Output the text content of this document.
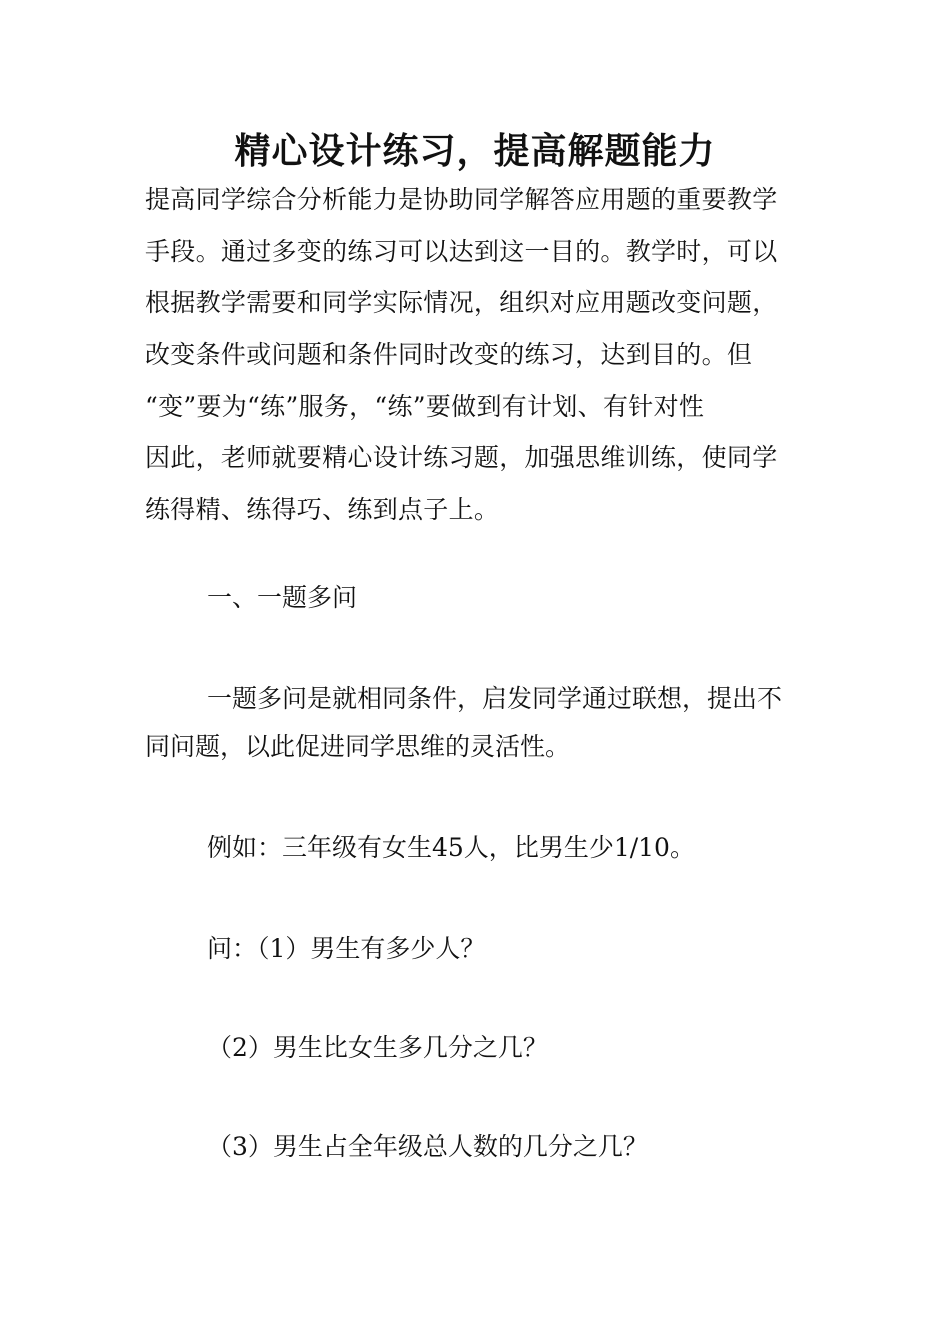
精心设计练习，提高解题能力
提高同学综合分析能力是协助同学解答应用题的重要教学
手段。通过多变的练习可以达到这一目的。教学时，可以
根据教学需要和同学实际情况，组织对应用题改变问题，
改变条件或问题和条件同时改变的练习，达到目的。但
“变”要为“练”服务，“练”要做到有计划、有针对性
因此，老师就要精心设计练习题，加强思维训练，使同学
练得精、练得巧、练到点子上。

一、一题多问

一题多问是就相同条件，启发同学通过联想，提出不

同问题，以此促进同学思维的灵活性。

例如：三年级有女生45人，比男生少1/10。

问：（1）男生有多少人？

（2）男生比女生多几分之几？

（3）男生占全年级总人数的几分之几？
